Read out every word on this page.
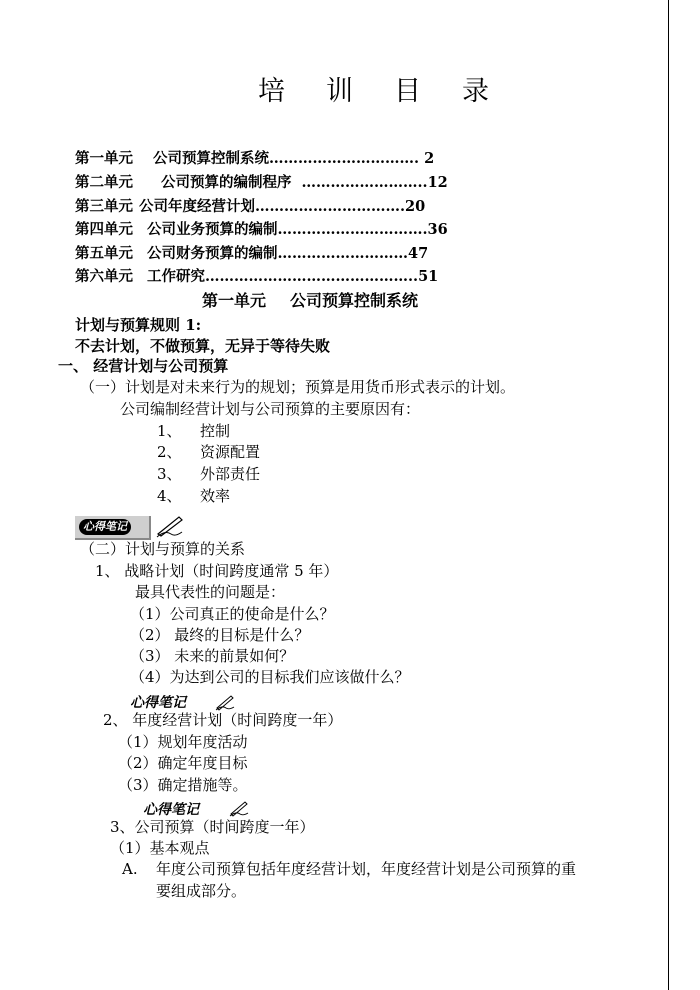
培 训 目 录
第一单元 公司预算控制系统…………………………. 2
第二单元 公司预算的编制程序 ……………………..12
第三单元 公司年度经营计划………………………….20
第四单元 公司业务预算的编制………………………….36
第五单元 公司财务预算的编制………………………47
第六单元 工作研究……………………………………..51
第一单元 公司预算控制系统
计划与预算规则 1:
不去计划，不做预算，无异于等待失败
一、 经营计划与公司预算
（一）计划是对未来行为的规划；预算是用货币形式表示的计划。
公司编制经营计划与公司预算的主要原因有：
1、 控制
2、 资源配置
3、 外部责任
4、 效率
心得笔记
（二）计划与预算的关系
1、 战略计划（时间跨度通常 5 年）
最具代表性的问题是：
（1）公司真正的使命是什么？
（2） 最终的目标是什么？
（3） 未来的前景如何？
（4）为达到公司的目标我们应该做什么？
心得笔记
2、 年度经营计划（时间跨度一年）
（1）规划年度活动
（2）确定年度目标
（3）确定措施等。
心得笔记
3、公司预算（时间跨度一年）
（1）基本观点
A. 年度公司预算包括年度经营计划，年度经营计划是公司预算的重
要组成部分。
